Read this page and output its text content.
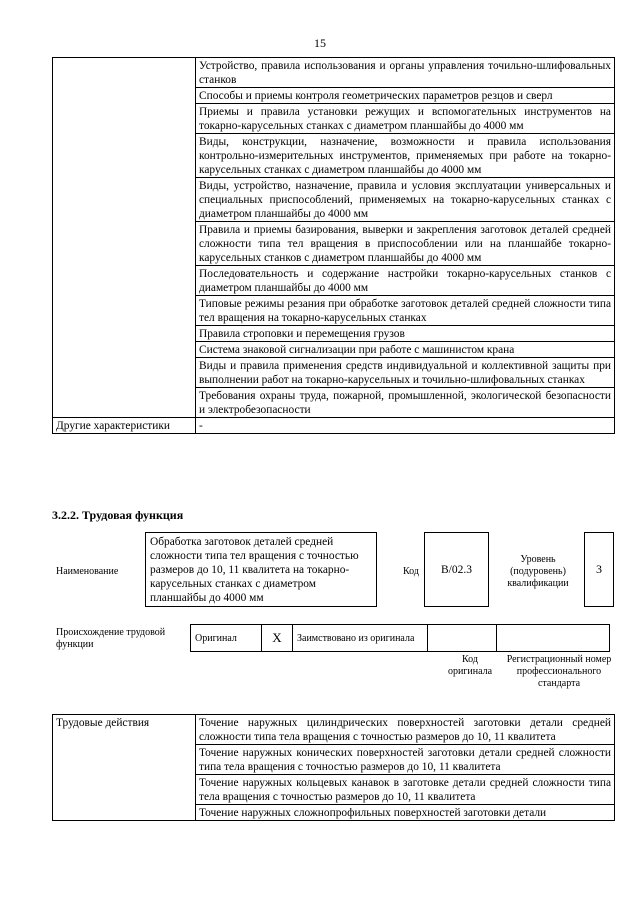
15
	Устройство, правила использования и органы управления точильно-шлифовальных станков
	Способы и приемы контроля геометрических параметров резцов и сверл
	Приемы и правила установки режущих и вспомогательных инструментов на токарно-карусельных станках с диаметром планшайбы до 4000 мм
	Виды, конструкции, назначение, возможности и правила использования контрольно-измерительных инструментов, применяемых при работе на токарно-карусельных станках с диаметром планшайбы до 4000 мм
	Виды, устройство, назначение, правила и условия эксплуатации универсальных и специальных приспособлений, применяемых на токарно-карусельных станках с диаметром планшайбы до 4000 мм
	Правила и приемы базирования, выверки и закрепления заготовок деталей средней сложности типа тел вращения в приспособлении или на планшайбе токарно-карусельных станков с диаметром планшайбы до 4000 мм
	Последовательность и содержание настройки токарно-карусельных станков с диаметром планшайбы до 4000 мм
	Типовые режимы резания при обработке заготовок деталей средней сложности типа тел вращения на токарно-карусельных станках
	Правила строповки и перемещения грузов
	Система знаковой сигнализации при работе с машинистом крана
	Виды и правила применения средств индивидуальной и коллективной защиты при выполнении работ на токарно-карусельных и точильно-шлифовальных станках
	Требования охраны труда, пожарной, промышленной, экологической безопасности и электробезопасности
Другие характеристики	-
3.2.2. Трудовая функция
Наименование
Обработка заготовок деталей средней сложности типа тел вращения с точностью размеров до 10, 11 квалитета на токарно-карусельных станках с диаметром планшайбы до 4000 мм
Код	B/02.3
Уровень (подуровень) квалификации
3
Происхождение трудовой функции
Оригинал	X	Заимствовано из оригинала		
Код оригинала
Регистрационный номер профессионального стандарта
Трудовые действия	Точение наружных цилиндрических поверхностей заготовки детали средней сложности типа тела вращения с точностью размеров до 10, 11 квалитета
Точение наружных конических поверхностей заготовки детали средней сложности типа тела вращения с точностью размеров до 10, 11 квалитета
Точение наружных кольцевых канавок в заготовке детали средней сложности типа тела вращения с точностью размеров до 10, 11 квалитета
Точение наружных сложнопрофильных поверхностей заготовки детали
